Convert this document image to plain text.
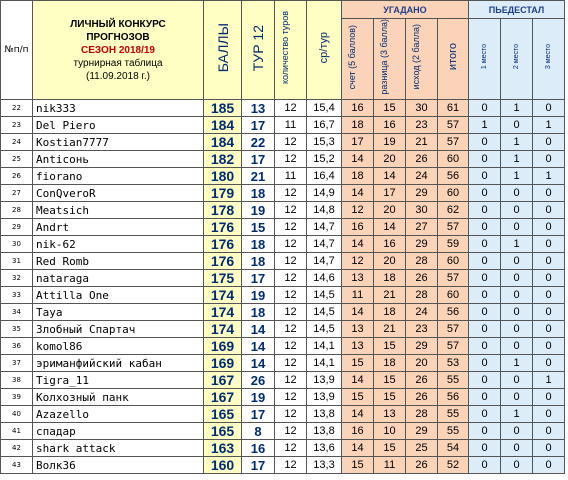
№п/п	ЛИЧНЫЙ КОНКУРС
ПРОГНОЗОВ
СЕЗОН 2018/19
турнирная таблица
(11.09.2018 г.)	БАЛЛЫ	ТУР 12	количество туров	ср/тур	УГАДАНО				ПЬЕДЕСТАЛ		
						счет (5 баллов)	разница (3 балла)	исход (2 балла)	итого	1 место	2 место	3 место
22	nik333	185	13	12	15,4	16	15	30	61	0	1	0
23	Del Piero	184	17	11	16,7	18	16	23	57	1	0	1
24	Kostian7777	184	22	12	15,3	17	19	21	57	0	1	0
25	Anticoнь	182	17	12	15,2	14	20	26	60	0	1	0
26	fiorano	180	21	11	16,4	18	14	24	56	0	1	1
27	ConQveroR	179	18	12	14,9	14	17	29	60	0	0	0
28	Meatsich	178	19	12	14,8	12	20	30	62	0	0	0
29	Andrt	176	15	12	14,7	16	14	27	57	0	0	0
30	nik-62	176	18	12	14,7	14	16	29	59	0	1	0
31	Red Romb	176	18	12	14,7	12	20	28	60	0	0	0
32	nataraga	175	17	12	14,6	13	18	26	57	0	0	0
33	Attilla One	174	19	12	14,5	11	21	28	60	0	0	0
34	Taya	174	18	12	14,5	14	18	24	56	0	0	0
35	Злобный Спартач	174	14	12	14,5	13	21	23	57	0	0	0
36	komol86	169	14	12	14,1	13	15	29	57	0	0	0
37	эриманфийский кабан	169	14	12	14,1	15	18	20	53	0	1	0
38	Tigra_11	167	26	12	13,9	14	15	26	55	0	0	1
39	Колхозный панк	167	19	12	13,9	15	15	26	56	0	0	0
40	Azazello	165	17	12	13,8	14	13	28	55	0	1	0
41	спадар	165	8	12	13,8	16	10	29	55	0	0	0
42	shark attack	163	16	12	13,6	14	15	25	54	0	0	0
43	Волк36	160	17	12	13,3	15	11	26	52	0	0	0
